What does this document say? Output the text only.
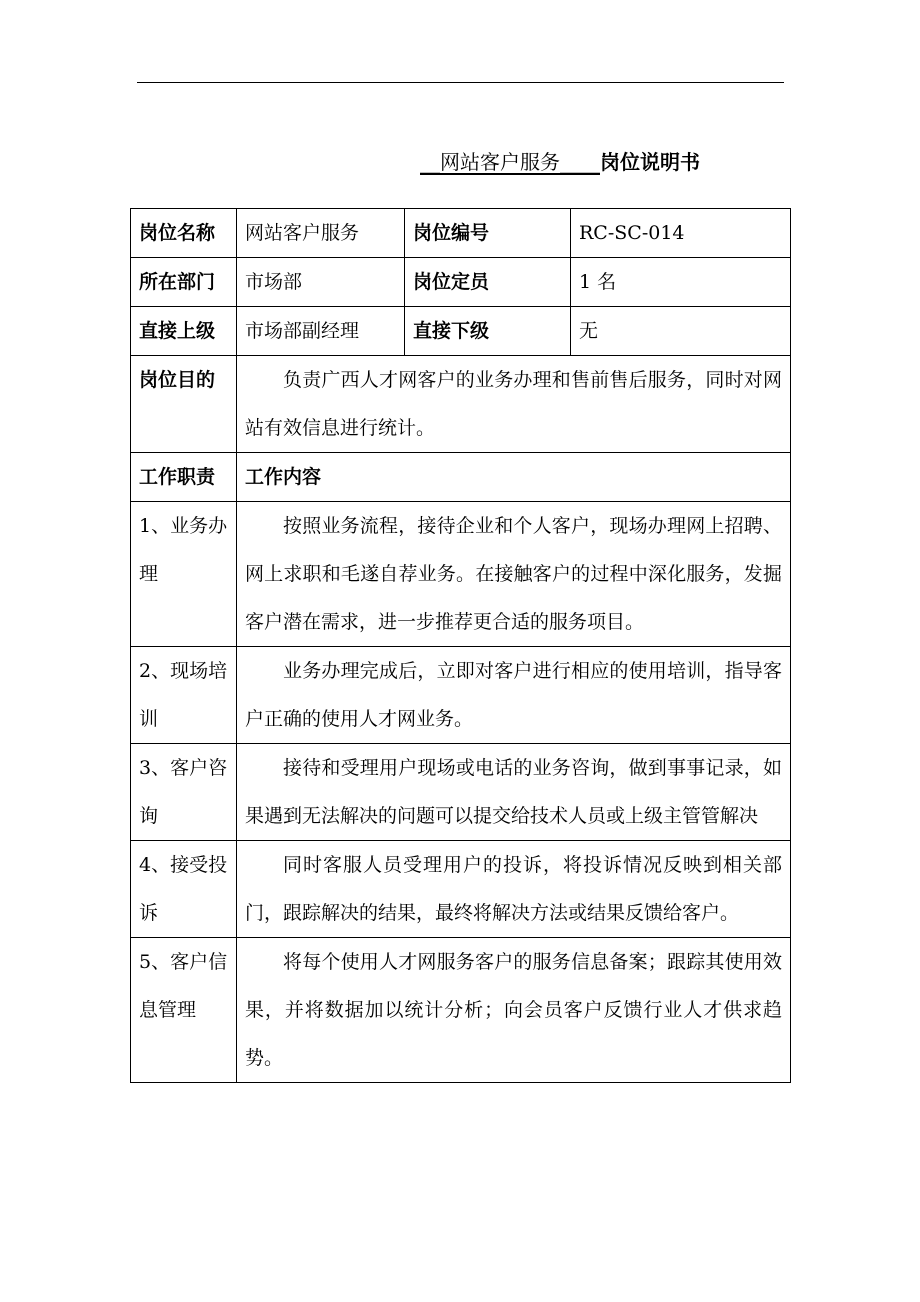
__网站客户服务____岗位说明书
岗位名称	网站客户服务	岗位编号	RC-SC-014
所在部门	市场部	岗位定员	1 名
直接上级	市场部副经理	直接下级	无
岗位目的	负责广西人才网客户的业务办理和售前售后服务，同时对网站有效信息进行统计。		
工作职责	工作内容		
1、业务办理	按照业务流程，接待企业和个人客户，现场办理网上招聘、网上求职和毛遂自荐业务。在接触客户的过程中深化服务，发掘客户潜在需求，进一步推荐更合适的服务项目。		
2、现场培训	业务办理完成后，立即对客户进行相应的使用培训，指导客户正确的使用人才网业务。		
3、客户咨询	接待和受理用户现场或电话的业务咨询，做到事事记录，如果遇到无法解决的问题可以提交给技术人员或上级主管管解决		
4、接受投诉	同时客服人员受理用户的投诉，将投诉情况反映到相关部门，跟踪解决的结果，最终将解决方法或结果反馈给客户。		
5、客户信息管理	将每个使用人才网服务客户的服务信息备案；跟踪其使用效果，并将数据加以统计分析；向会员客户反馈行业人才供求趋势。		
